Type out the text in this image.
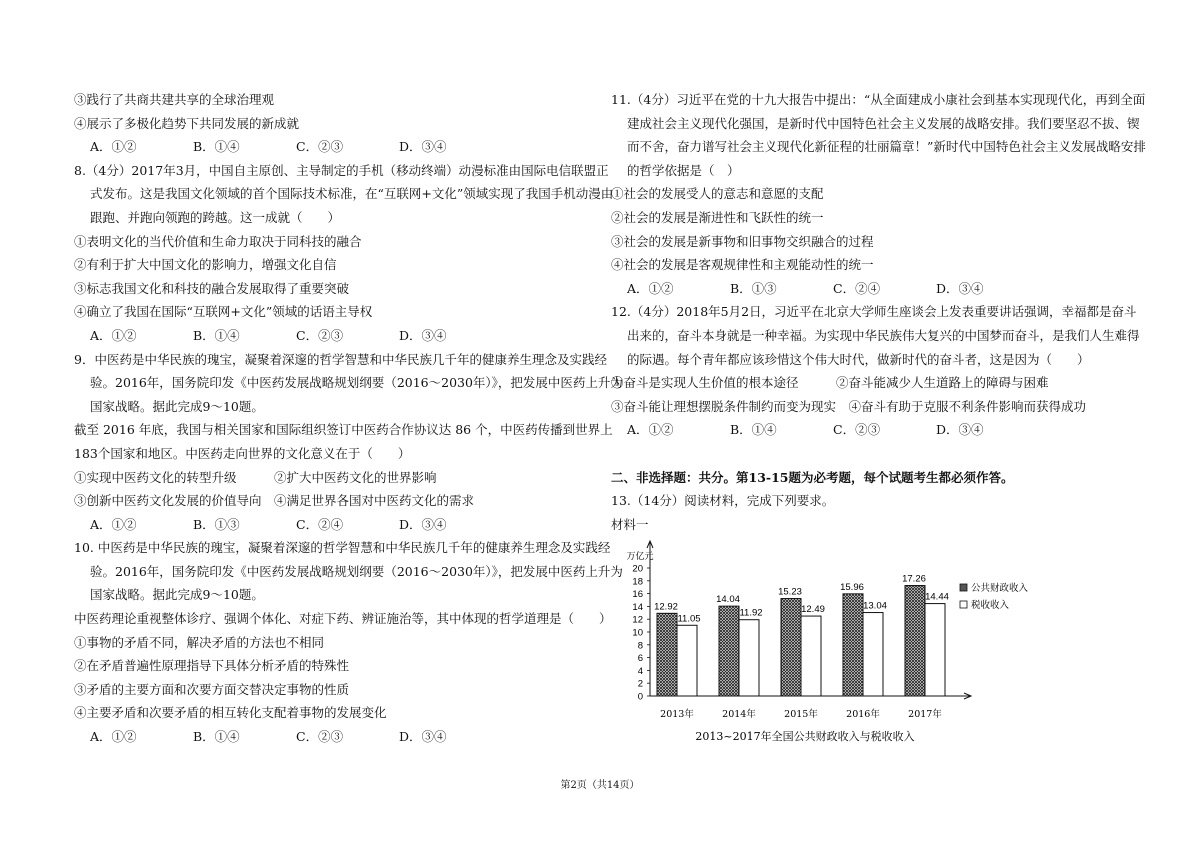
③践行了共商共建共享的全球治理观
④展示了多极化趋势下共同发展的新成就
A．①②	B．①④	C．②③	D．③④
8.（4分）2017年3月，中国自主原创、主导制定的手机（移动终端）动漫标准由国际电信联盟正
式发布。这是我国文化领域的首个国际技术标准，在“互联网+文化”领域实现了我国手机动漫由
跟跑、并跑向领跑的跨越。这一成就（　　）
①表明文化的当代价值和生命力取决于同科技的融合
②有利于扩大中国文化的影响力，增强文化自信
③标志我国文化和科技的融合发展取得了重要突破
④确立了我国在国际“互联网+文化”领域的话语主导权
A．①②	B．①④	C．②③	D．③④
9．中医药是中华民族的瑰宝，凝聚着深邃的哲学智慧和中华民族几千年的健康养生理念及实践经
验。2016年，国务院印发《中医药发展战略规划纲要（2016～2030年）》，把发展中医药上升为
国家战略。据此完成9～10题。
截至 2016 年底，我国与相关国家和国际组织签订中医药合作协议达 86 个，中医药传播到世界上
183个国家和地区。中医药走向世界的文化意义在于（　　）
①实现中医药文化的转型升级　　　②扩大中医药文化的世界影响
③创新中医药文化发展的价值导向　④满足世界各国对中医药文化的需求
A．①②	B．①③	C．②④	D．③④
10. 中医药是中华民族的瑰宝，凝聚着深邃的哲学智慧和中华民族几千年的健康养生理念及实践经
验。2016年，国务院印发《中医药发展战略规划纲要（2016～2030年）》，把发展中医药上升为
国家战略。据此完成9～10题。
中医药理论重视整体诊疗、强调个体化、对症下药、辨证施治等，其中体现的哲学道理是（　　）
①事物的矛盾不同，解决矛盾的方法也不相同
②在矛盾普遍性原理指导下具体分析矛盾的特殊性
③矛盾的主要方面和次要方面交替决定事物的性质
④主要矛盾和次要矛盾的相互转化支配着事物的发展变化
A．①②	B．①④	C．②③	D．③④
11.（4分）习近平在党的十九大报告中提出：“从全面建成小康社会到基本实现现代化，再到全面
建成社会主义现代化强国，是新时代中国特色社会主义发展的战略安排。我们要坚忍不拔、锲
而不舍，奋力谱写社会主义现代化新征程的壮丽篇章！”新时代中国特色社会主义发展战略安排
的哲学依据是（　）
①社会的发展受人的意志和意愿的支配
②社会的发展是渐进性和飞跃性的统一
③社会的发展是新事物和旧事物交织融合的过程
④社会的发展是客观规律性和主观能动性的统一
A．①②	B．①③	C．②④	D．③④
12.（4分）2018年5月2日，习近平在北京大学师生座谈会上发表重要讲话强调，幸福都是奋斗
出来的，奋斗本身就是一种幸福。为实现中华民族伟大复兴的中国梦而奋斗，是我们人生难得
的际遇。每个青年都应该珍惜这个伟大时代，做新时代的奋斗者，这是因为（　　）
①奋斗是实现人生价值的根本途径　　　②奋斗能减少人生道路上的障碍与困难
③奋斗能让理想摆脱条件制约而变为现实　④奋斗有助于克服不利条件影响而获得成功
A．①②	B．①④	C．②③	D．③④
二、非选择题：共分。第13-15题为必考题，每个试题考生都必须作答。
13.（14分）阅读材料，完成下列要求。
材料一
万亿元
0
2
4
6
8
10
12
14
16
18
20
12.92
11.05
2013年
14.04
11.92
2014年
15.23
12.49
2015年
15.96
13.04
2016年
17.26
14.44
2017年
公共财政收入
税收收入
2013~2017年全国公共财政收入与税收收入
第2页（共14页）
